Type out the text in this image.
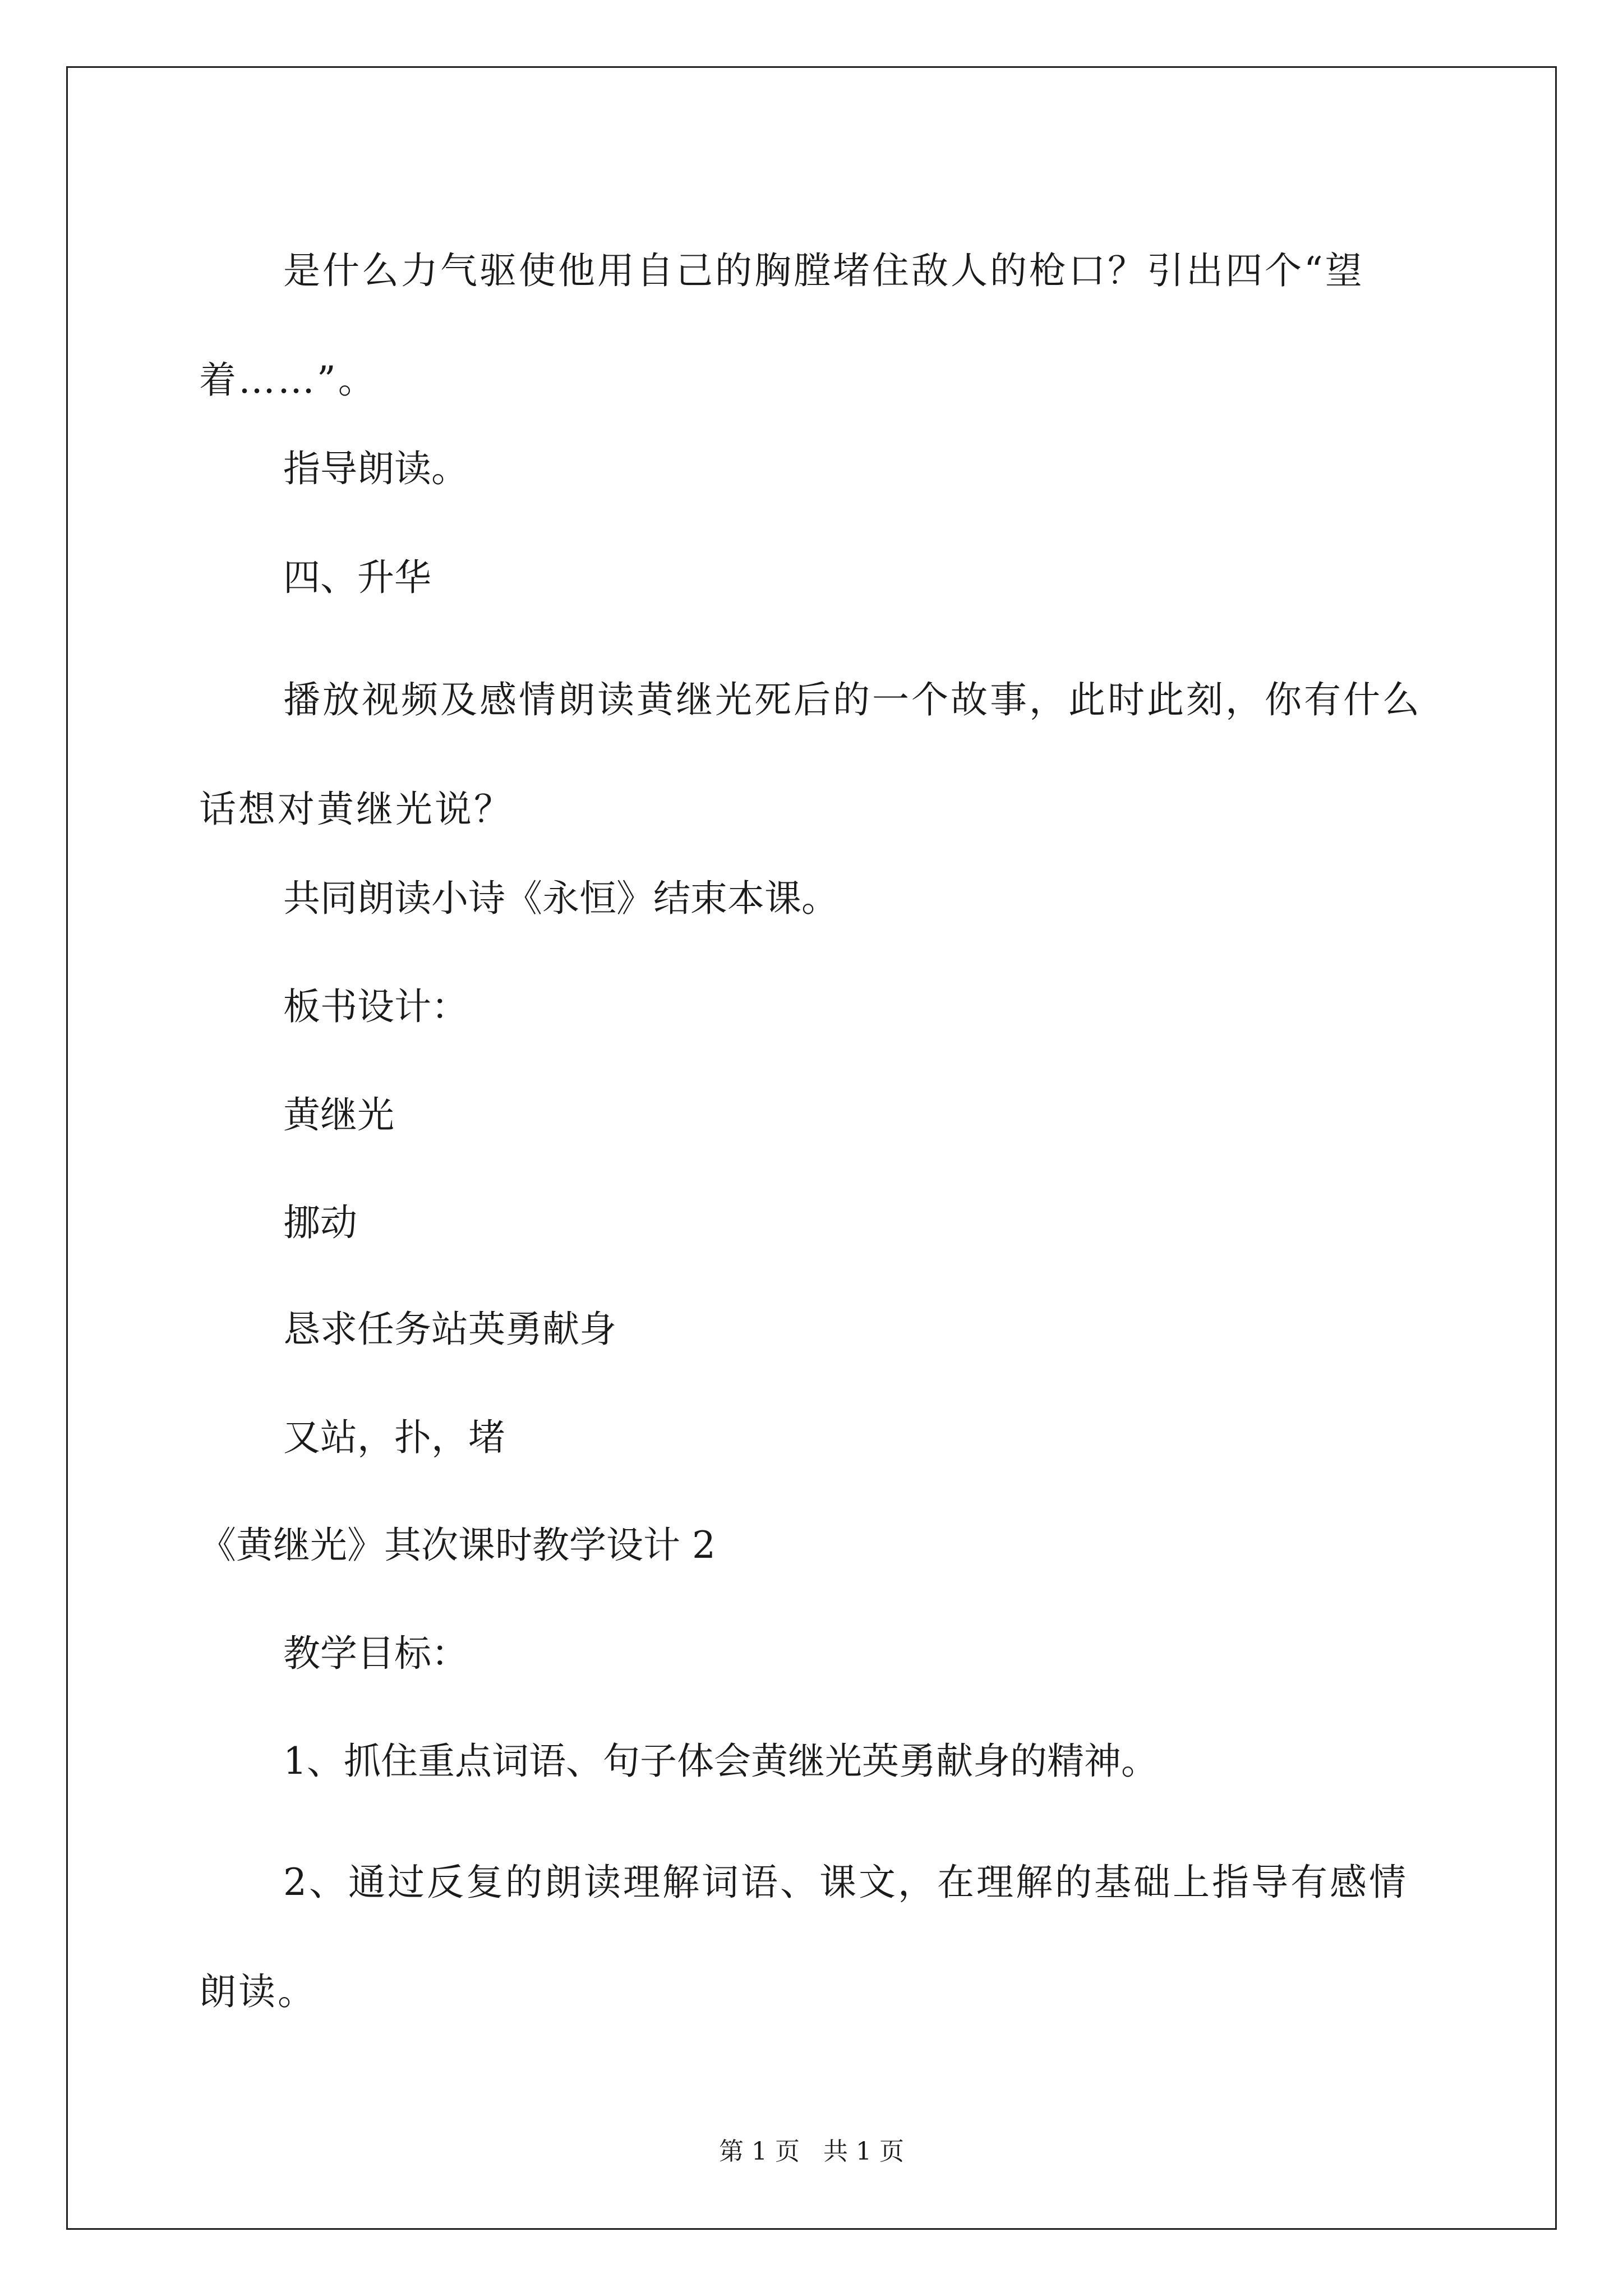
是什么力气驱使他用自己的胸膛堵住敌人的枪口？引出四个“望着……”。

指导朗读。

四、升华

播放视频及感情朗读黄继光死后的一个故事，此时此刻，你有什么话想对黄继光说？

共同朗读小诗《永恒》结束本课。

板书设计：

黄继光

挪动

恳求任务站英勇献身

又站，扑，堵

《黄继光》其次课时教学设计 2

教学目标：

1、抓住重点词语、句子体会黄继光英勇献身的精神。

2、通过反复的朗读理解词语、课文，在理解的基础上指导有感情朗读。

第 1 页   共 1 页
